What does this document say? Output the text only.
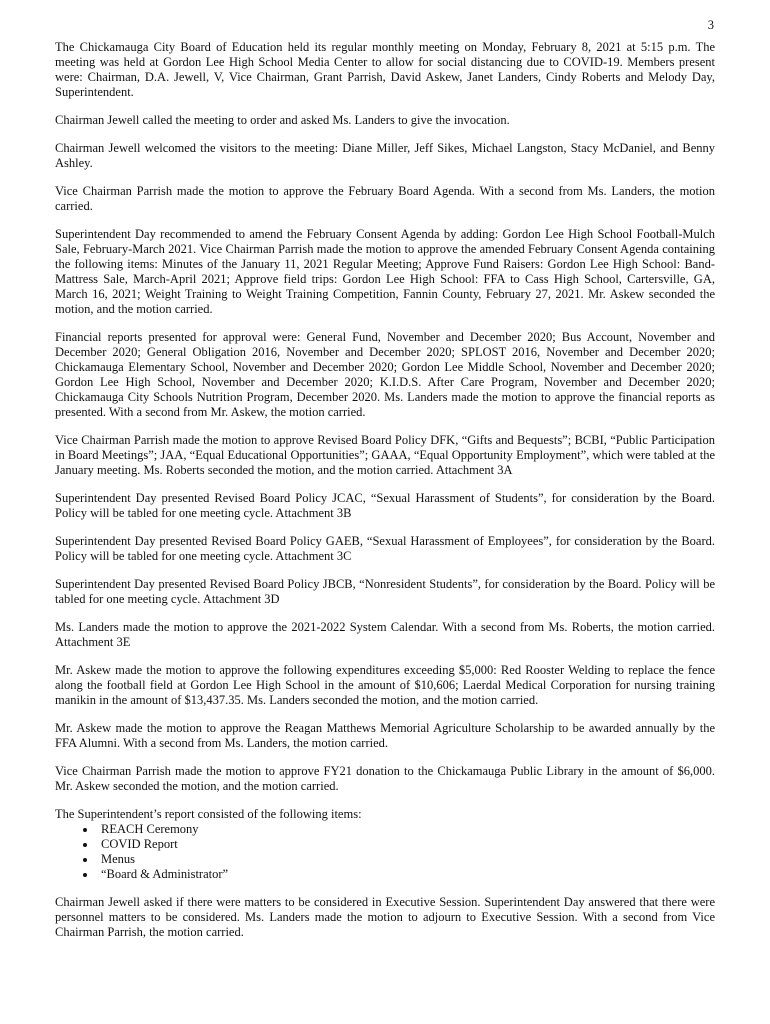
3

The Chickamauga City Board of Education held its regular monthly meeting on Monday, February 8, 2021 at 5:15 p.m. The meeting was held at Gordon Lee High School Media Center to allow for social distancing due to COVID-19. Members present were: Chairman, D.A. Jewell, V, Vice Chairman, Grant Parrish, David Askew, Janet Landers, Cindy Roberts and Melody Day, Superintendent.

Chairman Jewell called the meeting to order and asked Ms. Landers to give the invocation.

Chairman Jewell welcomed the visitors to the meeting: Diane Miller, Jeff Sikes, Michael Langston, Stacy McDaniel, and Benny Ashley.

Vice Chairman Parrish made the motion to approve the February Board Agenda. With a second from Ms. Landers, the motion carried.

Superintendent Day recommended to amend the February Consent Agenda by adding: Gordon Lee High School Football-Mulch Sale, February-March 2021. Vice Chairman Parrish made the motion to approve the amended February Consent Agenda containing the following items: Minutes of the January 11, 2021 Regular Meeting; Approve Fund Raisers: Gordon Lee High School: Band-Mattress Sale, March-April 2021; Approve field trips: Gordon Lee High School: FFA to Cass High School, Cartersville, GA, March 16, 2021; Weight Training to Weight Training Competition, Fannin County, February 27, 2021. Mr. Askew seconded the motion, and the motion carried.

Financial reports presented for approval were: General Fund, November and December 2020; Bus Account, November and December 2020; General Obligation 2016, November and December 2020; SPLOST 2016, November and December 2020; Chickamauga Elementary School, November and December 2020; Gordon Lee Middle School, November and December 2020; Gordon Lee High School, November and December 2020; K.I.D.S. After Care Program, November and December 2020; Chickamauga City Schools Nutrition Program, December 2020. Ms. Landers made the motion to approve the financial reports as presented. With a second from Mr. Askew, the motion carried.

Vice Chairman Parrish made the motion to approve Revised Board Policy DFK, “Gifts and Bequests”; BCBI, “Public Participation in Board Meetings”; JAA, “Equal Educational Opportunities”; GAAA, “Equal Opportunity Employment”, which were tabled at the January meeting. Ms. Roberts seconded the motion, and the motion carried. Attachment 3A

Superintendent Day presented Revised Board Policy JCAC, “Sexual Harassment of Students”, for consideration by the Board. Policy will be tabled for one meeting cycle. Attachment 3B

Superintendent Day presented Revised Board Policy GAEB, “Sexual Harassment of Employees”, for consideration by the Board. Policy will be tabled for one meeting cycle. Attachment 3C

Superintendent Day presented Revised Board Policy JBCB, “Nonresident Students”, for consideration by the Board. Policy will be tabled for one meeting cycle. Attachment 3D

Ms. Landers made the motion to approve the 2021-2022 System Calendar. With a second from Ms. Roberts, the motion carried. Attachment 3E

Mr. Askew made the motion to approve the following expenditures exceeding $5,000: Red Rooster Welding to replace the fence along the football field at Gordon Lee High School in the amount of $10,606; Laerdal Medical Corporation for nursing training manikin in the amount of $13,437.35. Ms. Landers seconded the motion, and the motion carried.

Mr. Askew made the motion to approve the Reagan Matthews Memorial Agriculture Scholarship to be awarded annually by the FFA Alumni. With a second from Ms. Landers, the motion carried.

Vice Chairman Parrish made the motion to approve FY21 donation to the Chickamauga Public Library in the amount of $6,000. Mr. Askew seconded the motion, and the motion carried.

The Superintendent’s report consisted of the following items:

• REACH Ceremony
• COVID Report
• Menus
• “Board & Administrator”

Chairman Jewell asked if there were matters to be considered in Executive Session. Superintendent Day answered that there were personnel matters to be considered. Ms. Landers made the motion to adjourn to Executive Session. With a second from Vice Chairman Parrish, the motion carried.
